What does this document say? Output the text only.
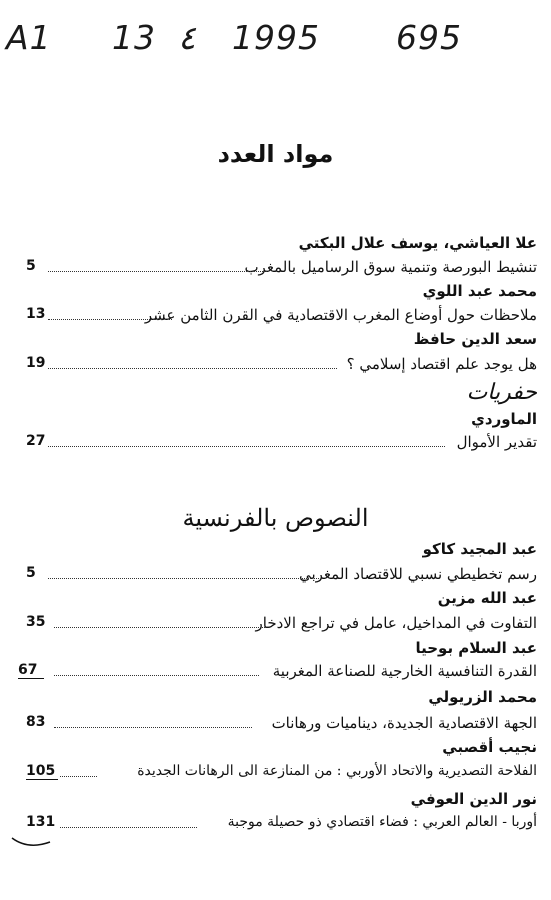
A1 13 ٤ 1995 695
مواد العدد
علا العياشي، يوسف علال البكتي
تنشيط البورصة وتنمية سوق الرساميل بالمغرب
5
محمد عبد اللوي
ملاحظات حول أوضاع المغرب الاقتصادية في القرن الثامن عشر
13
سعد الدين حافظ
هل يوجد علم اقتصاد إسلامي ؟
19
حفريات
الماوردي
تقدير الأموال
27
النصوص بالفرنسية
عبد المجيد كاكو
رسم تخطيطي نسبي للاقتصاد المغربي
5
عبد الله مزين
التفاوت في المداخيل، عامل في تراجع الادخار
35
عبد السلام بوحيا
القدرة التنافسية الخارجية للصناعة المغربية
67
محمد الزريولي
الجهة الاقتصادية الجديدة، ديناميات ورهانات
83
نجيب أقصبي
الفلاحة التصديرية والاتحاد الأوربي : من المنازعة الى الرهانات الجديدة
105
نور الدين العوفي
أوربا - العالم العربي : فضاء اقتصادي ذو حصيلة موجبة
131
